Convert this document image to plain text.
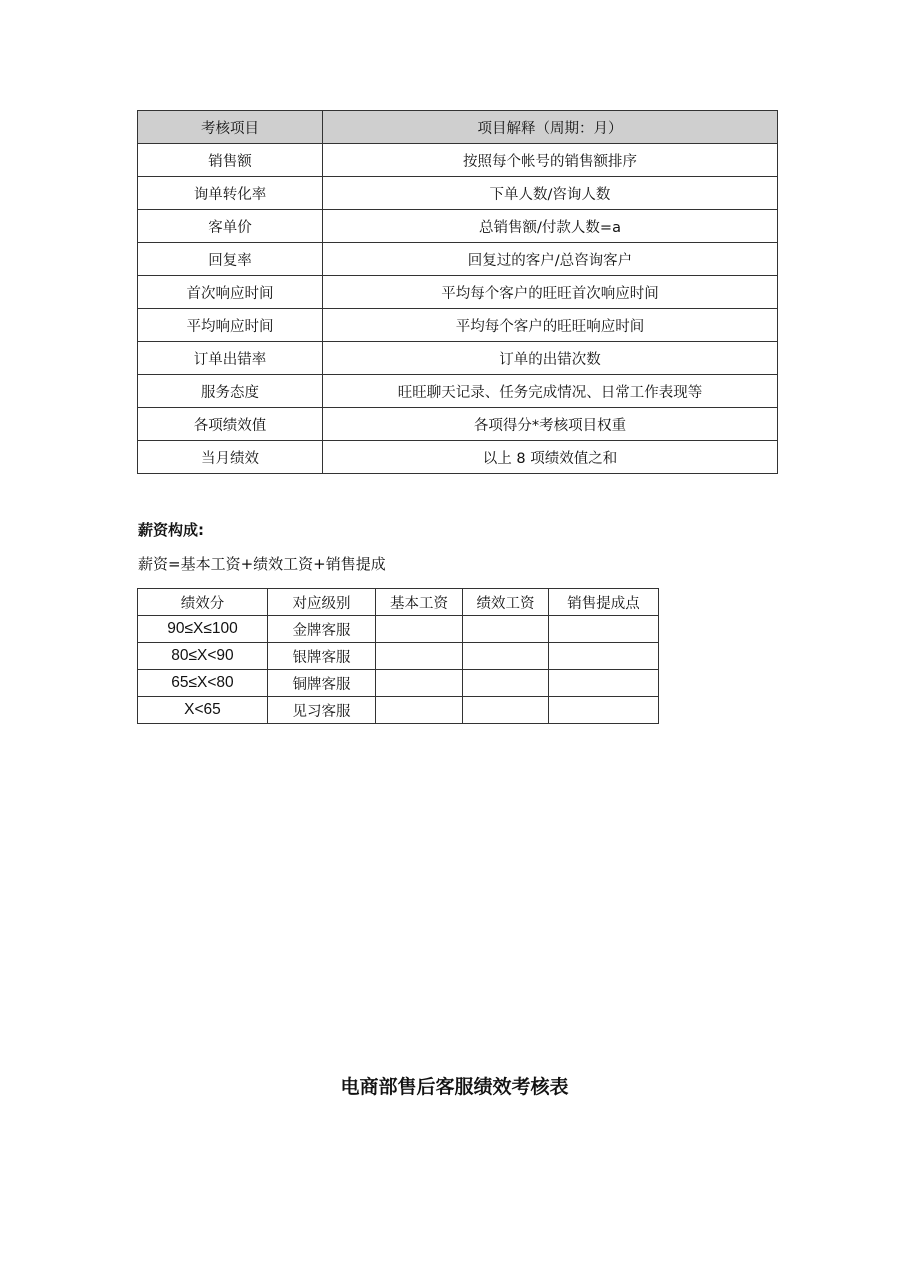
考核项目	项目解释（周期：月）
销售额	按照每个帐号的销售额排序
询单转化率	下单人数/咨询人数
客单价	总销售额/付款人数=a
回复率	回复过的客户/总咨询客户
首次响应时间	平均每个客户的旺旺首次响应时间
平均响应时间	平均每个客户的旺旺响应时间
订单出错率	订单的出错次数
服务态度	旺旺聊天记录、任务完成情况、日常工作表现等
各项绩效值	各项得分*考核项目权重
当月绩效	以上 8 项绩效值之和

薪资构成:

薪资=基本工资+绩效工资+销售提成

绩效分	对应级别	基本工资	绩效工资	销售提成点
90≤X≤100	金牌客服			
80≤X<90	银牌客服			
65≤X<80	铜牌客服			
X<65	见习客服			
电商部售后客服绩效考核表
